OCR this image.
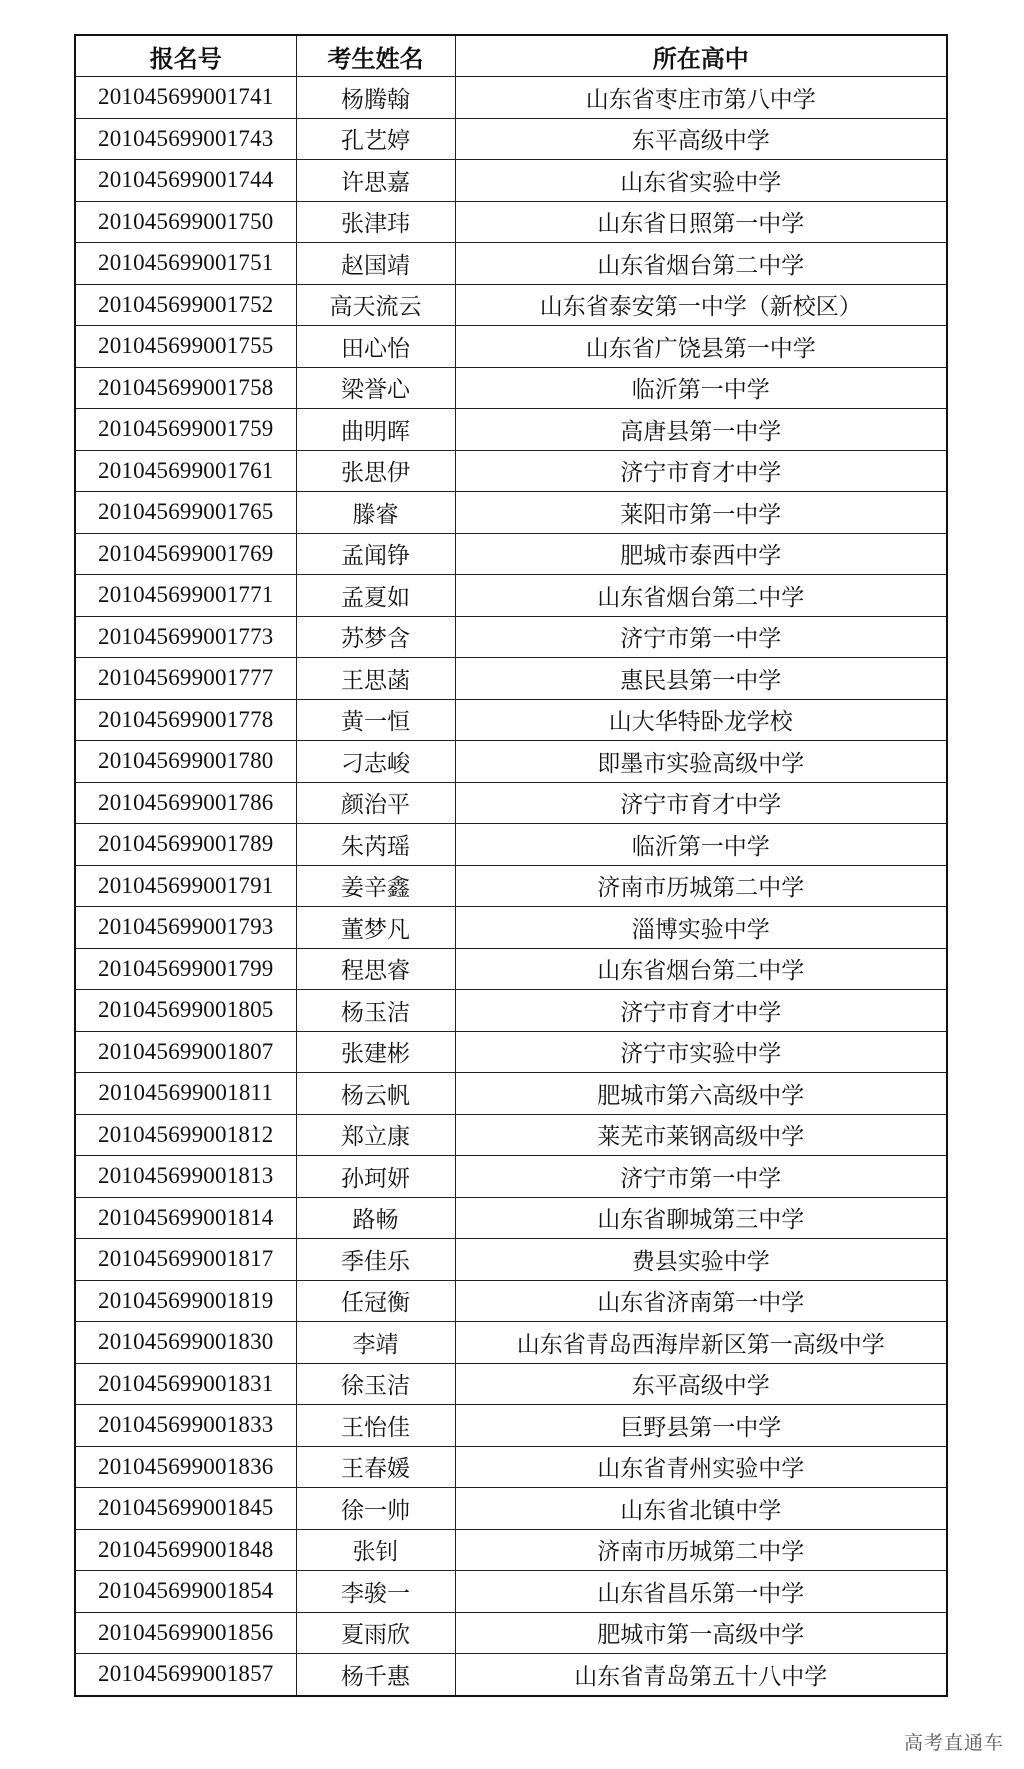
报名号	考生姓名	所在高中
201045699001741	杨腾翰	山东省枣庄市第八中学
201045699001743	孔艺婷	东平高级中学
201045699001744	许思嘉	山东省实验中学
201045699001750	张津玮	山东省日照第一中学
201045699001751	赵国靖	山东省烟台第二中学
201045699001752	高天流云	山东省泰安第一中学（新校区）
201045699001755	田心怡	山东省广饶县第一中学
201045699001758	梁誉心	临沂第一中学
201045699001759	曲明晖	高唐县第一中学
201045699001761	张思伊	济宁市育才中学
201045699001765	滕睿	莱阳市第一中学
201045699001769	孟闻铮	肥城市泰西中学
201045699001771	孟夏如	山东省烟台第二中学
201045699001773	苏梦含	济宁市第一中学
201045699001777	王思菡	惠民县第一中学
201045699001778	黄一恒	山大华特卧龙学校
201045699001780	刁志峻	即墨市实验高级中学
201045699001786	颜治平	济宁市育才中学
201045699001789	朱芮瑶	临沂第一中学
201045699001791	姜辛鑫	济南市历城第二中学
201045699001793	董梦凡	淄博实验中学
201045699001799	程思睿	山东省烟台第二中学
201045699001805	杨玉洁	济宁市育才中学
201045699001807	张建彬	济宁市实验中学
201045699001811	杨云帆	肥城市第六高级中学
201045699001812	郑立康	莱芜市莱钢高级中学
201045699001813	孙珂妍	济宁市第一中学
201045699001814	路畅	山东省聊城第三中学
201045699001817	季佳乐	费县实验中学
201045699001819	任冠衡	山东省济南第一中学
201045699001830	李靖	山东省青岛西海岸新区第一高级中学
201045699001831	徐玉洁	东平高级中学
201045699001833	王怡佳	巨野县第一中学
201045699001836	王春媛	山东省青州实验中学
201045699001845	徐一帅	山东省北镇中学
201045699001848	张钊	济南市历城第二中学
201045699001854	李骏一	山东省昌乐第一中学
201045699001856	夏雨欣	肥城市第一高级中学
201045699001857	杨千惠	山东省青岛第五十八中学
高考直通车
